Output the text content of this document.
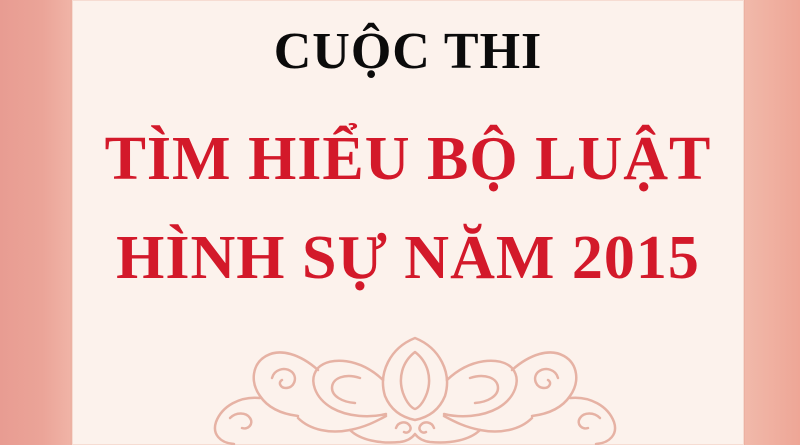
CUỘC THI
TÌM HIỂU BỘ LUẬT
HÌNH SỰ NĂM 2015
